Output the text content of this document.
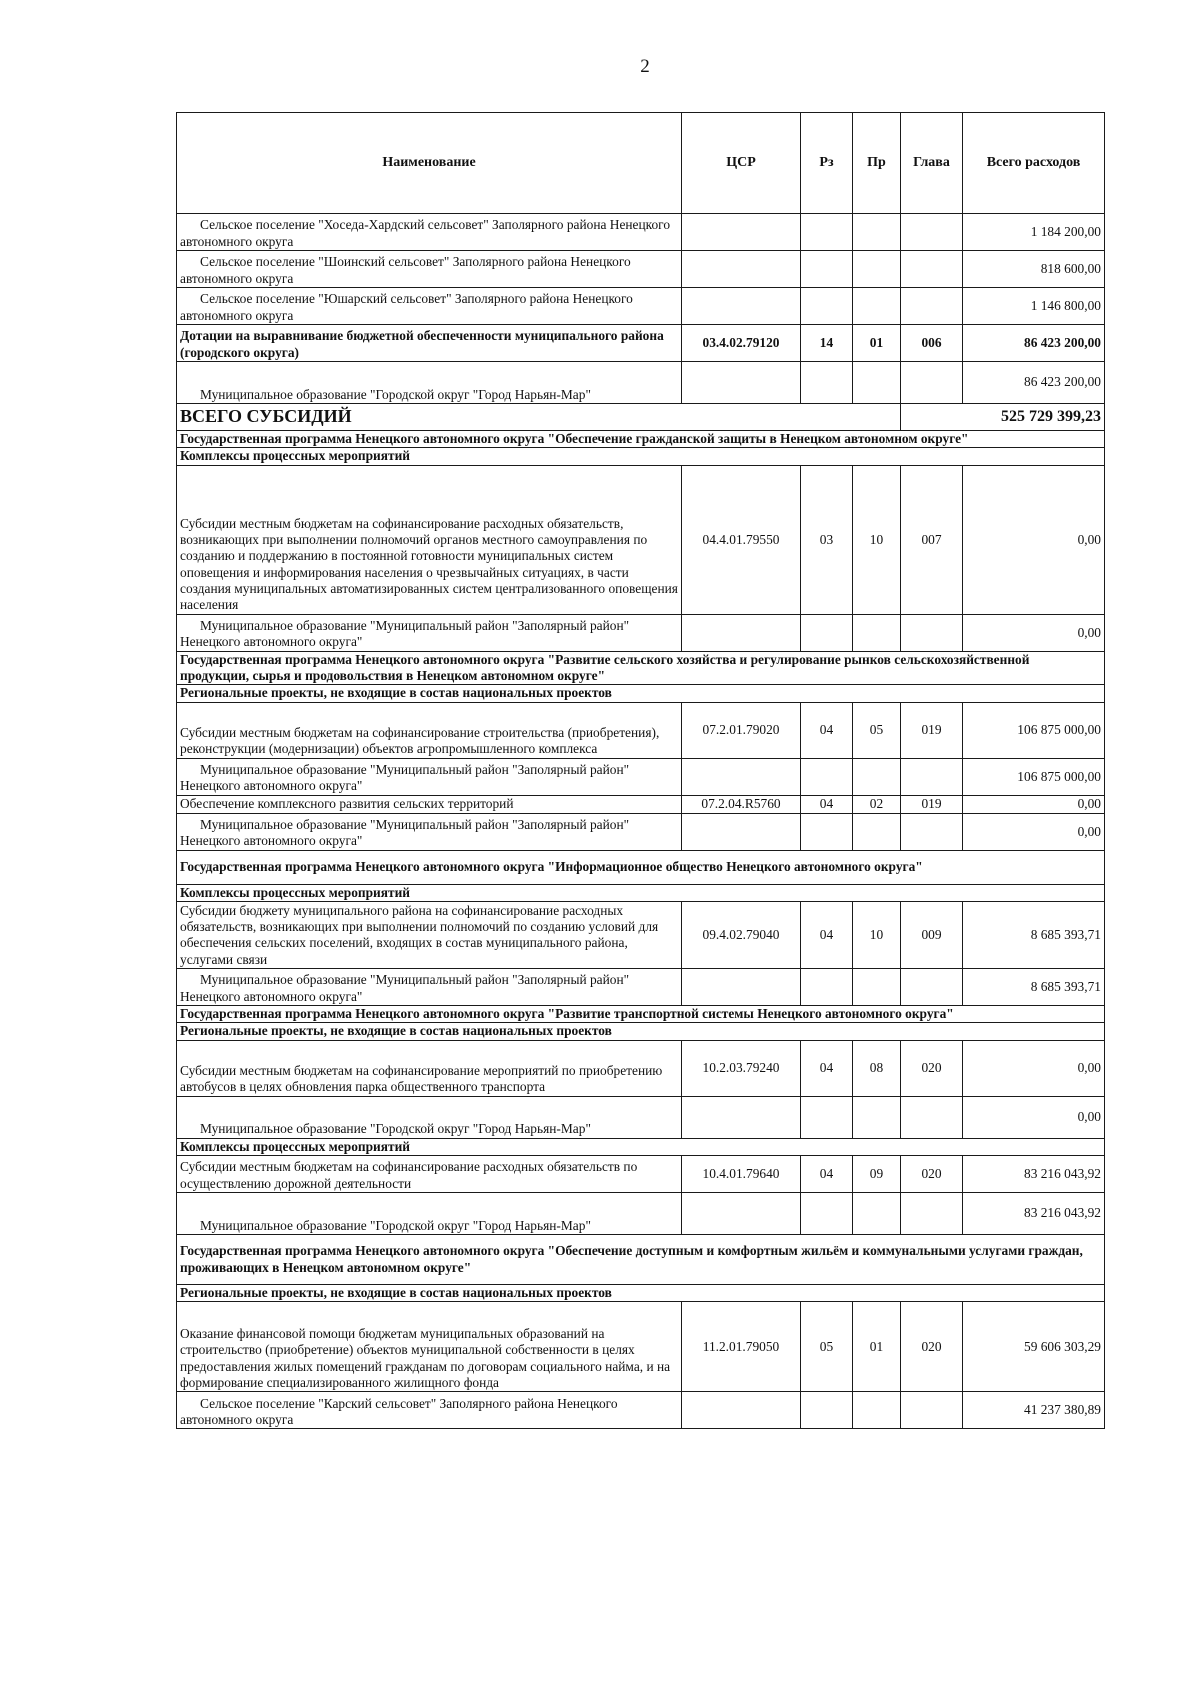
2
Наименование	ЦСР	Рз	Пр	Глава	Всего расходов
Сельское поселение "Хоседа-Хардский сельсовет" Заполярного района Ненецкого автономного округа					1 184 200,00
Сельское поселение "Шоинский сельсовет" Заполярного района Ненецкого автономного округа					818 600,00
Сельское поселение "Юшарский сельсовет" Заполярного района Ненецкого автономного округа					1 146 800,00
Дотации на выравнивание бюджетной обеспеченности муниципального района (городского округа)	03.4.02.79120	14	01	006	86 423 200,00
Муниципальное образование "Городской округ "Город Нарьян-Мар"					86 423 200,00
ВСЕГО СУБСИДИЙ				525 729 399,23	
Государственная программа Ненецкого автономного округа "Обеспечение гражданской защиты в Ненецком автономном округе"					
Комплексы процессных мероприятий					
Субсидии местным бюджетам на софинансирование расходных обязательств, возникающих при выполнении полномочий органов местного самоуправления по созданию и поддержанию в постоянной готовности муниципальных систем оповещения и информирования населения о чрезвычайных ситуациях, в части создания муниципальных автоматизированных систем централизованного оповещения населения	04.4.01.79550	03	10	007	0,00
Муниципальное образование "Муниципальный район "Заполярный район" Ненецкого автономного округа"					0,00
Государственная программа Ненецкого автономного округа "Развитие сельского хозяйства и регулирование рынков сельскохозяйственной продукции, сырья и продовольствия в Ненецком автономном округе"					
Региональные проекты, не входящие в состав национальных проектов					
Субсидии местным бюджетам на софинансирование строительства (приобретения), реконструкции (модернизации) объектов агропромышленного комплекса	07.2.01.79020	04	05	019	106 875 000,00
Муниципальное образование "Муниципальный район "Заполярный район" Ненецкого автономного округа"					106 875 000,00
Обеспечение комплексного развития сельских территорий	07.2.04.R5760	04	02	019	0,00
Муниципальное образование "Муниципальный район "Заполярный район" Ненецкого автономного округа"					0,00
Государственная программа Ненецкого автономного округа "Информационное общество Ненецкого автономного округа"					
Комплексы процессных мероприятий					
Субсидии бюджету муниципального района на софинансирование расходных обязательств, возникающих при выполнении полномочий по созданию условий для обеспечения сельских поселений, входящих в состав муниципального района, услугами связи	09.4.02.79040	04	10	009	8 685 393,71
Муниципальное образование "Муниципальный район "Заполярный район" Ненецкого автономного округа"					8 685 393,71
Государственная программа Ненецкого автономного округа "Развитие транспортной системы Ненецкого автономного округа"					
Региональные проекты, не входящие в состав национальных проектов					
Субсидии местным бюджетам на софинансирование мероприятий по приобретению автобусов в целях обновления парка общественного транспорта	10.2.03.79240	04	08	020	0,00
Муниципальное образование "Городской округ "Город Нарьян-Мар"					0,00
Комплексы процессных мероприятий					
Субсидии местным бюджетам на софинансирование расходных обязательств по осуществлению дорожной деятельности	10.4.01.79640	04	09	020	83 216 043,92
Муниципальное образование "Городской округ "Город Нарьян-Мар"					83 216 043,92
Государственная программа Ненецкого автономного округа "Обеспечение доступным и комфортным жильём и коммунальными услугами граждан, проживающих в Ненецком автономном округе"					
Региональные проекты, не входящие в состав национальных проектов					
Оказание финансовой помощи бюджетам муниципальных образований на строительство (приобретение) объектов муниципальной собственности в целях предоставления жилых помещений гражданам по договорам социального найма, и на формирование специализированного жилищного фонда	11.2.01.79050	05	01	020	59 606 303,29
Сельское поселение "Карский сельсовет" Заполярного района Ненецкого автономного округа					41 237 380,89
